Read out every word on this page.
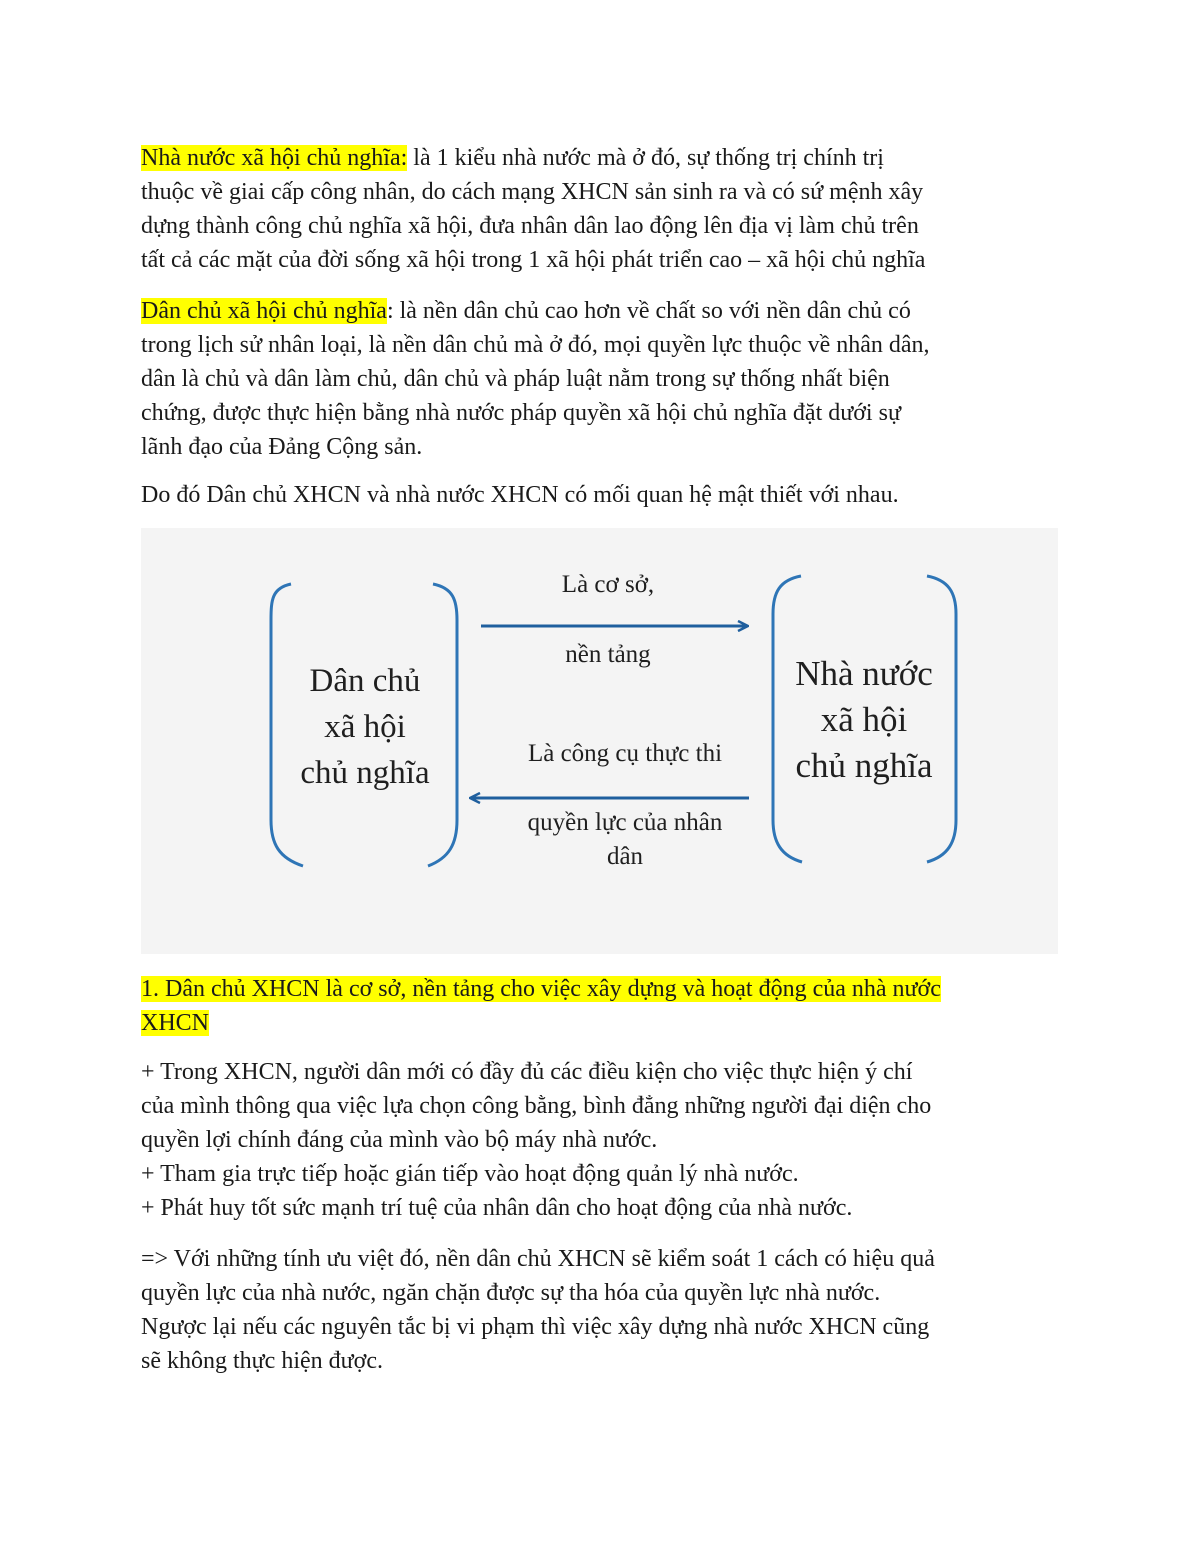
Nhà nước xã hội chủ nghĩa: là 1 kiểu nhà nước mà ở đó, sự thống trị chính trị
thuộc về giai cấp công nhân, do cách mạng XHCN sản sinh ra và có sứ mệnh xây
dựng thành công chủ nghĩa xã hội, đưa nhân dân lao động lên địa vị làm chủ trên
tất cả các mặt của đời sống xã hội trong 1 xã hội phát triển cao – xã hội chủ nghĩa
Dân chủ xã hội chủ nghĩa: là nền dân chủ cao hơn về chất so với nền dân chủ có
trong lịch sử nhân loại, là nền dân chủ mà ở đó, mọi quyền lực thuộc về nhân dân,
dân là chủ và dân làm chủ, dân chủ và pháp luật nằm trong sự thống nhất biện
chứng, được thực hiện bằng nhà nước pháp quyền xã hội chủ nghĩa đặt dưới sự
lãnh đạo của Đảng Cộng sản.
Do đó Dân chủ XHCN và nhà nước XHCN có mối quan hệ mật thiết với nhau.
Dân chủ
xã hội
chủ nghĩa
Nhà nước
xã hội
chủ nghĩa
Là cơ sở,
nền tảng
Là công cụ thực thi
quyền lực của nhân
dân
1. Dân chủ XHCN là cơ sở, nền tảng cho việc xây dựng và hoạt động của nhà nước
XHCN
+ Trong XHCN, người dân mới có đầy đủ các điều kiện cho việc thực hiện ý chí
của mình thông qua việc lựa chọn công bằng, bình đẳng những người đại diện cho
quyền lợi chính đáng của mình vào bộ máy nhà nước.
+ Tham gia trực tiếp hoặc gián tiếp vào hoạt động quản lý nhà nước.
+ Phát huy tốt sức mạnh trí tuệ của nhân dân cho hoạt động của nhà nước.
=> Với những tính ưu việt đó, nền dân chủ XHCN sẽ kiểm soát 1 cách có hiệu quả
quyền lực của nhà nước, ngăn chặn được sự tha hóa của quyền lực nhà nước.
Ngược lại nếu các nguyên tắc bị vi phạm thì việc xây dựng nhà nước XHCN cũng
sẽ không thực hiện được.
